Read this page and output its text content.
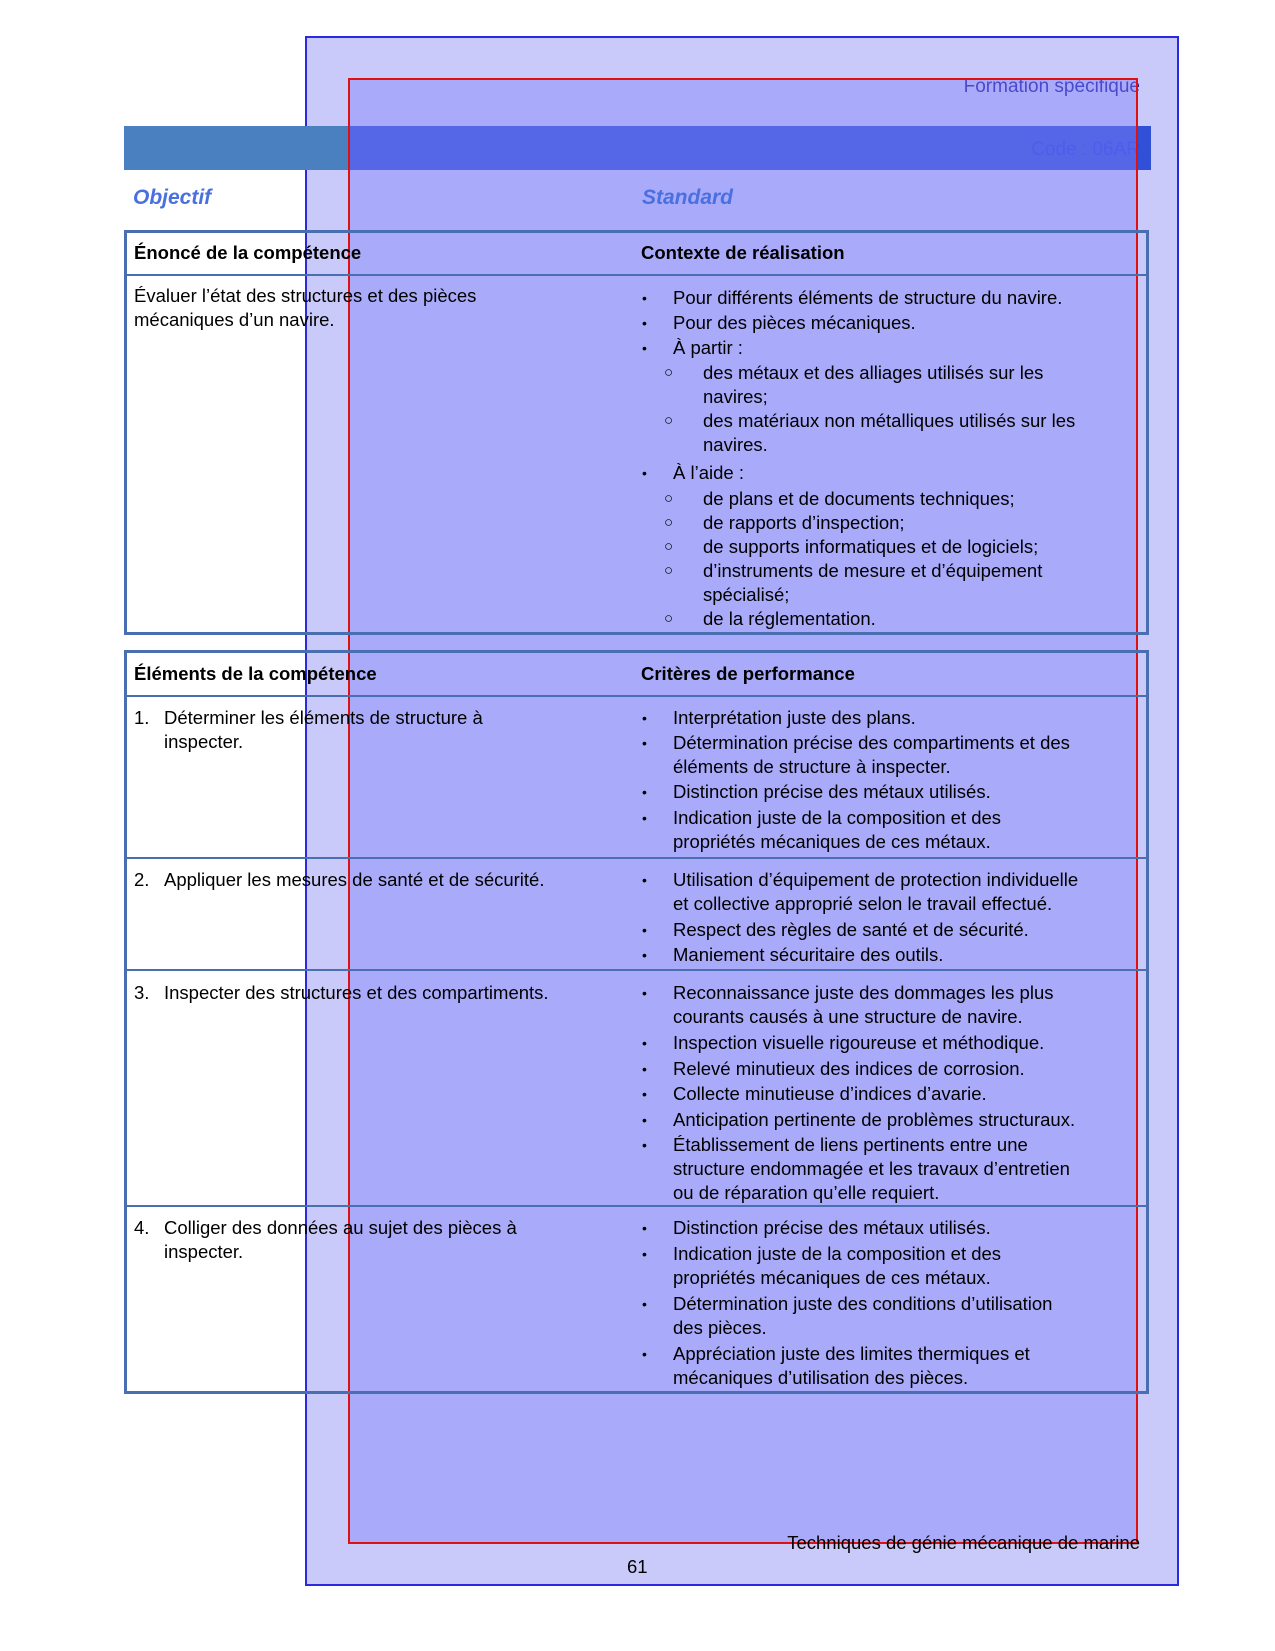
Formation spécifique
Code : 06AR
Objectif	Standard
Énoncé de la compétence	Contexte de réalisation
Évaluer l’état des structures et des pièces
mécaniques d’un navire.
• Pour différents éléments de structure du navire.
• Pour des pièces mécaniques.
• À partir :
○ des métaux et des alliages utilisés sur les
navires;
○ des matériaux non métalliques utilisés sur les
navires.
• À l’aide :
○ de plans et de documents techniques;
○ de rapports d’inspection;
○ de supports informatiques et de logiciels;
○ d’instruments de mesure et d’équipement
spécialisé;
○ de la réglementation.
Éléments de la compétence	Critères de performance
1. Déterminer les éléments de structure à
inspecter.
• Interprétation juste des plans.
• Détermination précise des compartiments et des
éléments de structure à inspecter.
• Distinction précise des métaux utilisés.
• Indication juste de la composition et des
propriétés mécaniques de ces métaux.
2. Appliquer les mesures de santé et de sécurité.	• Utilisation d’équipement de protection individuelle
et collective approprié selon le travail effectué.
• Respect des règles de santé et de sécurité.
• Maniement sécuritaire des outils.
3. Inspecter des structures et des compartiments.	• Reconnaissance juste des dommages les plus
courants causés à une structure de navire.
• Inspection visuelle rigoureuse et méthodique.
• Relevé minutieux des indices de corrosion.
• Collecte minutieuse d’indices d’avarie.
• Anticipation pertinente de problèmes structuraux.
• Établissement de liens pertinents entre une
structure endommagée et les travaux d’entretien
ou de réparation qu’elle requiert.
4. Colliger des données au sujet des pièces à
inspecter.
• Distinction précise des métaux utilisés.
• Indication juste de la composition et des
propriétés mécaniques de ces métaux.
• Détermination juste des conditions d’utilisation
des pièces.
• Appréciation juste des limites thermiques et
mécaniques d’utilisation des pièces.
Techniques de génie mécanique de marine
61
